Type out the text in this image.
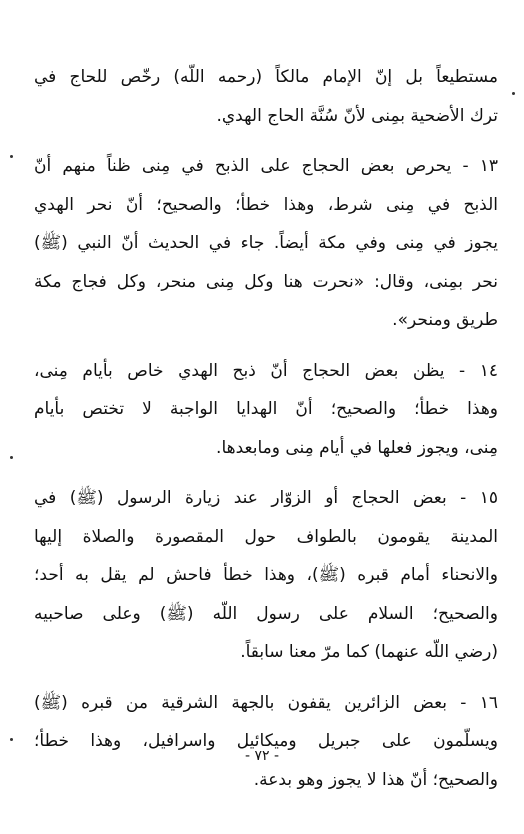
مستطيعاً بل إنّ الإمام مالكاً (رحمه اللّه) رخّص للحاج في
ترك الأضحية بمِنى لأنّ سُنَّة الحاج الهدي.
١٣ - يحرص بعض الحجاج على الذبح في مِنى ظناً منهم أنّ
الذبح في مِنى شرط، وهذا خطأ؛ والصحيح؛ أنّ نحر الهدي
يجوز في مِنى وفي مكة أيضاً. جاء في الحديث أنّ النبي (ﷺ)
نحر بمِنى، وقال: «نحرت هنا وكل مِنى منحر، وكل فجاج مكة
طريق ومنحر».
١٤ - يظن بعض الحجاج أنّ ذبح الهدي خاص بأيام مِنى،
وهذا خطأ؛ والصحيح؛ أنّ الهدايا الواجبة لا تختص بأيام
مِنى، ويجوز فعلها في أيام مِنى ومابعدها.
١٥ - بعض الحجاج أو الزوّار عند زيارة الرسول (ﷺ) في
المدينة يقومون بالطواف حول المقصورة والصلاة إليها
والانحناء أمام قبره (ﷺ)، وهذا خطأ فاحش لم يقل به أحد؛
والصحيح؛ السلام على رسول اللّه (ﷺ) وعلى صاحبيه
(رضي اللّه عنهما) كما مرّ معنا سابقاً.
١٦ - بعض الزائرين يقفون بالجهة الشرقية من قبره (ﷺ)
ويسلّمون على جبريل وميكائيل واسرافيل، وهذا خطأ؛
والصحيح؛ أنّ هذا لا يجوز وهو بدعة.
- ٧٢ -
